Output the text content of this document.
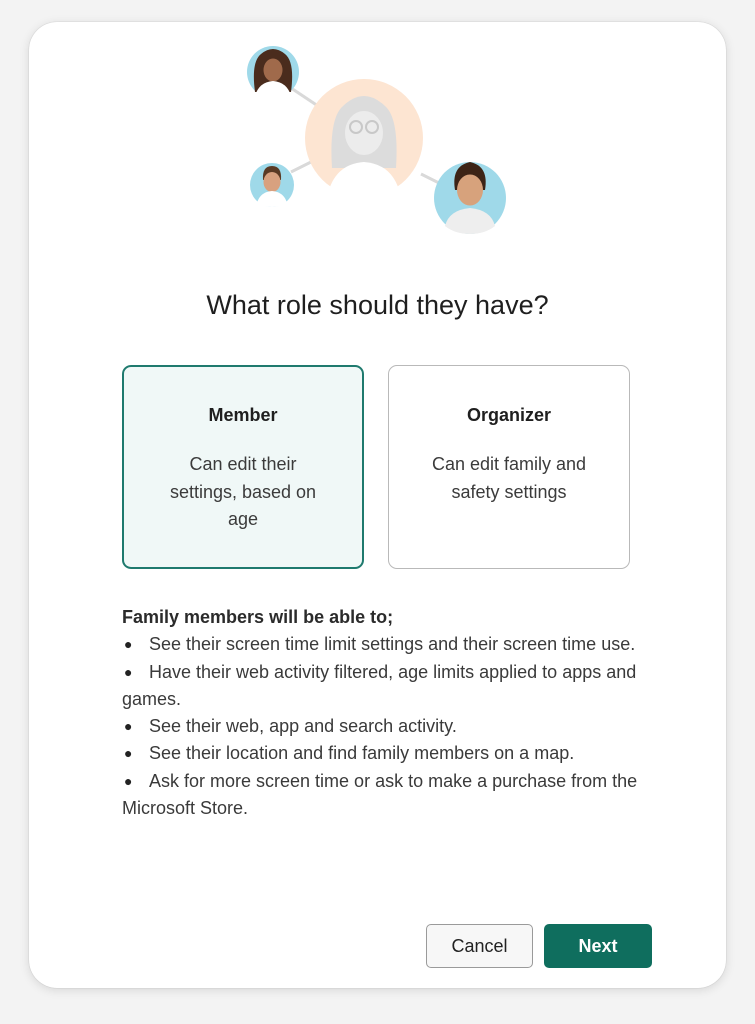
What role should they have?
Member
Can edit their settings, based on age
Organizer
Can edit family and safety settings
Family members will be able to;
● See their screen time limit settings and their screen time use.
● Have their web activity filtered, age limits applied to apps and games.
● See their web, app and search activity.
● See their location and find family members on a map.
● Ask for more screen time or ask to make a purchase from the Microsoft Store.
Cancel	Next
